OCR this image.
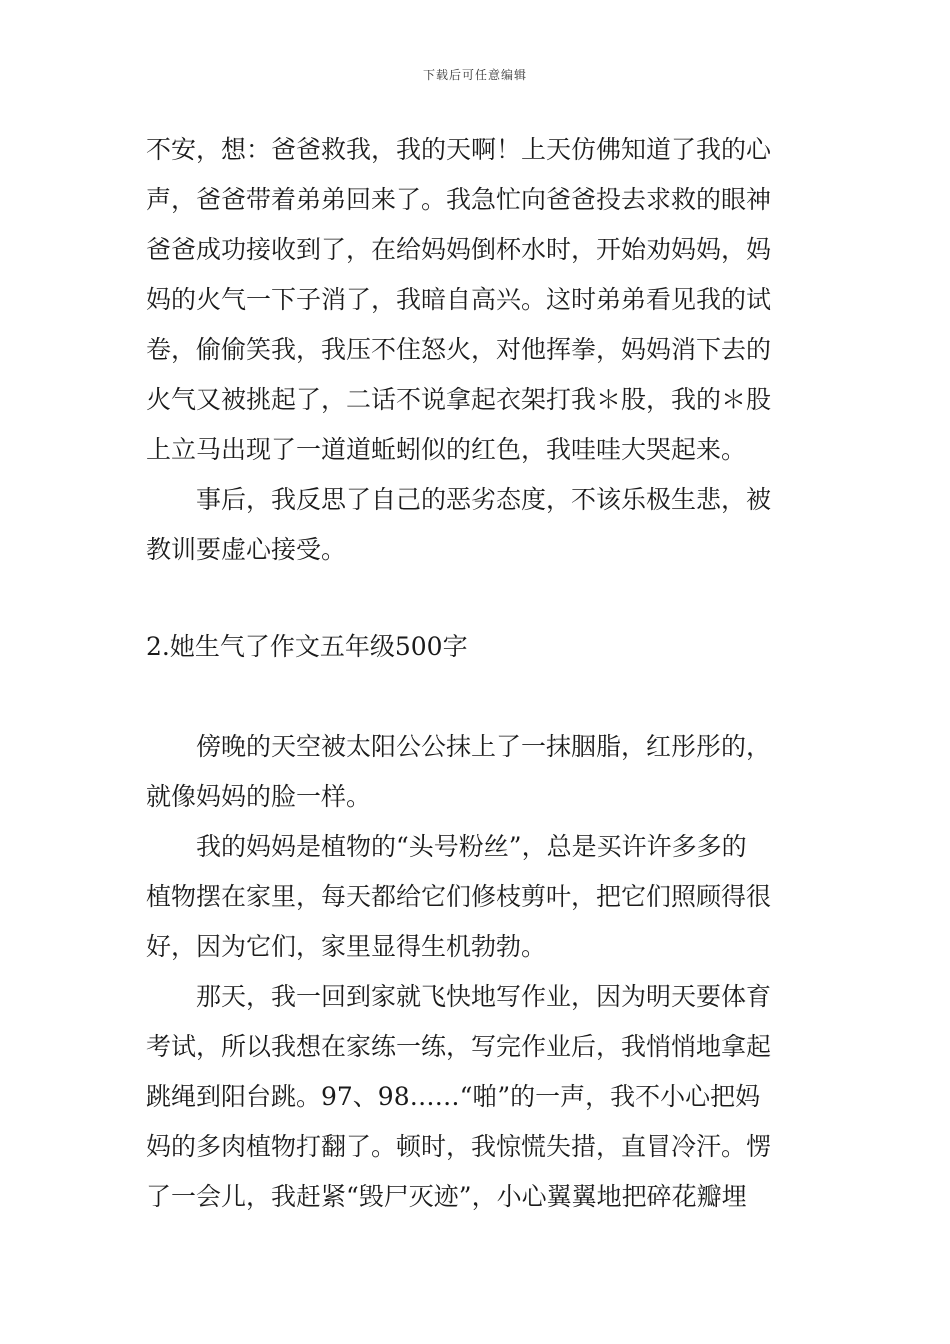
下载后可任意编辑
不安，想：爸爸救我，我的天啊！上天仿佛知道了我的心
声，爸爸带着弟弟回来了。我急忙向爸爸投去求救的眼神
爸爸成功接收到了，在给妈妈倒杯水时，开始劝妈妈，妈
妈的火气一下子消了，我暗自高兴。这时弟弟看见我的试
卷，偷偷笑我，我压不住怒火，对他挥拳，妈妈消下去的
火气又被挑起了，二话不说拿起衣架打我＊股，我的＊股
上立马出现了一道道蚯蚓似的红色，我哇哇大哭起来。
事后，我反思了自己的恶劣态度，不该乐极生悲，被
教训要虚心接受。
2.她生气了作文五年级500字
傍晚的天空被太阳公公抹上了一抹胭脂，红彤彤的，
就像妈妈的脸一样。
我的妈妈是植物的“头号粉丝”，总是买许许多多的
植物摆在家里，每天都给它们修枝剪叶，把它们照顾得很
好，因为它们，家里显得生机勃勃。
那天，我一回到家就飞快地写作业，因为明天要体育
考试，所以我想在家练一练，写完作业后，我悄悄地拿起
跳绳到阳台跳。97、98……“啪”的一声，我不小心把妈
妈的多肉植物打翻了。顿时，我惊慌失措，直冒冷汗。愣
了一会儿，我赶紧“毁尸灭迹”，小心翼翼地把碎花瓣埋
